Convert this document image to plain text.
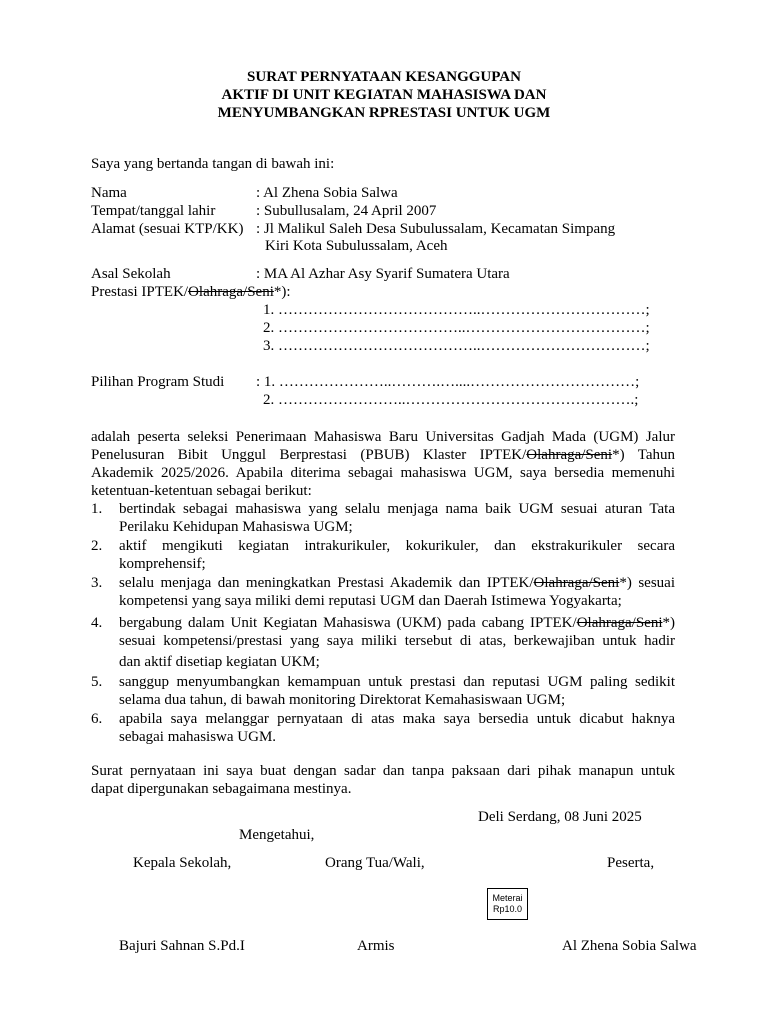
SURAT PERNYATAAN KESANGGUPAN
AKTIF DI UNIT KEGIATAN MAHASISWA DAN
MENYUMBANGKAN RPRESTASI UNTUK UGM
Saya yang bertanda tangan di bawah ini:
Nama	: Al Zhena Sobia Salwa
Tempat/tanggal lahir	: Subullusalam, 24 April 2007
Alamat (sesuai KTP/KK) : Jl Malikul Saleh Desa Subulussalam, Kecamatan Simpang
Kiri Kota Subulussalam, Aceh
Asal Sekolah	: MA Al Azhar Asy Syarif Sumatera Utara
Prestasi IPTEK/Olahraga/Seni*):
1. …………………………………..……………………………;
2. ………………………………..………………………………;
3. …………………………………..……………………………;
Pilihan Program Studi : 1. …………………..……….…....……………………………;
2. ……………………..……………………………………….;
adalah peserta seleksi Penerimaan Mahasiswa Baru Universitas Gadjah Mada (UGM) Jalur
Penelusuran Bibit Unggul Berprestasi (PBUB) Klaster IPTEK/Olahraga/Seni*) Tahun
Akademik 2025/2026. Apabila diterima sebagai mahasiswa UGM, saya bersedia memenuhi
ketentuan-ketentuan sebagai berikut:
1. bertindak sebagai mahasiswa yang selalu menjaga nama baik UGM sesuai aturan Tata
Perilaku Kehidupan Mahasiswa UGM;
2. aktif mengikuti kegiatan intrakurikuler, kokurikuler, dan ekstrakurikuler secara
komprehensif;
3. selalu menjaga dan meningkatkan Prestasi Akademik dan IPTEK/Olahraga/Seni*) sesuai
kompetensi yang saya miliki demi reputasi UGM dan Daerah Istimewa Yogyakarta;
4. bergabung dalam Unit Kegiatan Mahasiswa (UKM) pada cabang IPTEK/Olahraga/Seni*)
sesuai kompetensi/prestasi yang saya miliki tersebut di atas, berkewajiban untuk hadir
dan aktif disetiap kegiatan UKM;
5. sanggup menyumbangkan kemampuan untuk prestasi dan reputasi UGM paling sedikit
selama dua tahun, di bawah monitoring Direktorat Kemahasiswaan UGM;
6. apabila saya melanggar pernyataan di atas maka saya bersedia untuk dicabut haknya
sebagai mahasiswa UGM.
Surat pernyataan ini saya buat dengan sadar dan tanpa paksaan dari pihak manapun untuk
dapat dipergunakan sebagaimana mestinya.
Deli Serdang, 08 Juni 2025
Mengetahui,
Kepala Sekolah,	Orang Tua/Wali,	Peserta,
Meterai
Rp10.0
Bajuri Sahnan S.Pd.I	Armis	Al Zhena Sobia Salwa
